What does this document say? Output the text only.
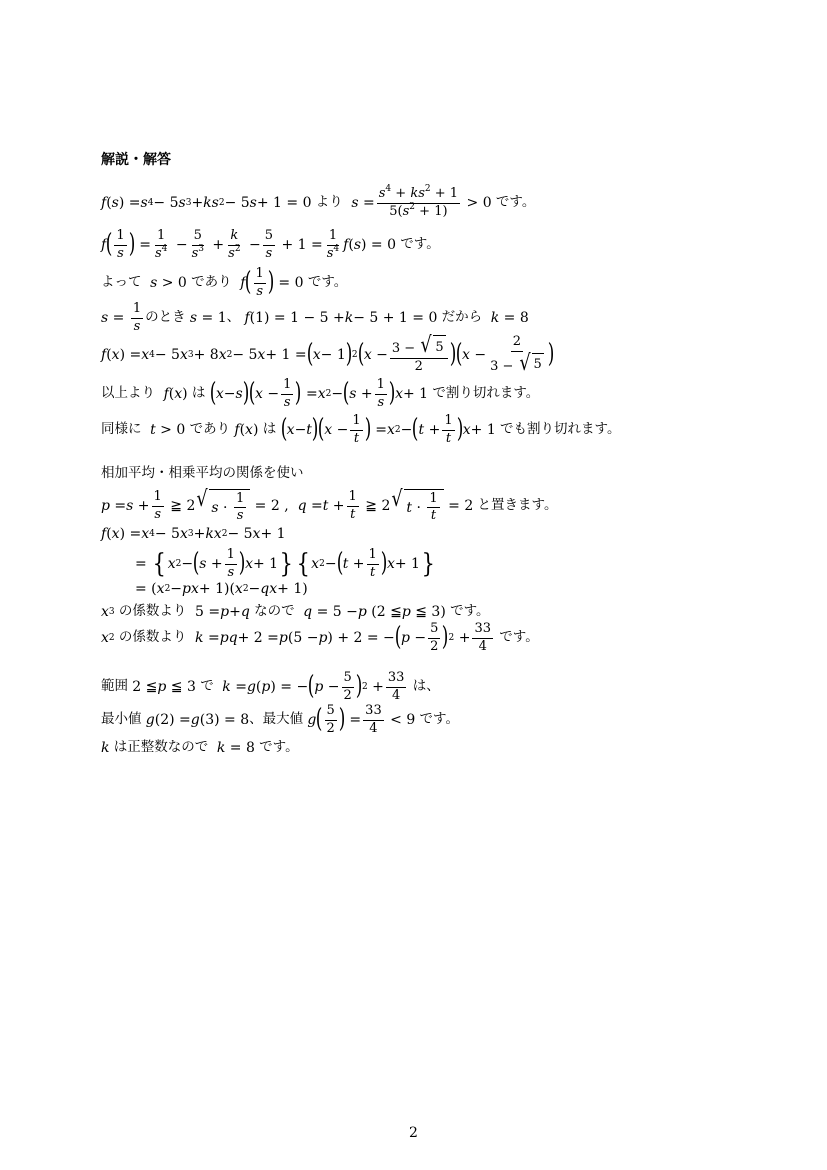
解説・解答
f ( s ) = s 4 − 5 s 3 + ks 2 − 5 s + 1 = 0 より $s = \frac{s^4 + ks^2 + 1}{5(s^2 + 1)} > 0$ です。
f ( $\frac{1}{s}$ ) = $\frac{1}{s^4} - \frac{5}{s^3} + \frac{k}{s^2} - \frac{5}{s} + 1 = \frac{1}{s^4}$ f ( s ) = 0 です。
よって s > 0 であり f ( $\frac{1}{s}$ ) = 0 です。
$s = \frac{1}{s}$ のとき s = 1 、 f (1) = 1 − 5 + k − 5 + 1 = 0 だから k = 8
f ( x ) = x 4 − 5 x 3 + 8 x 2 − 5 x + 1 = ( x − 1 ) 2 ( $x - \frac{3 - √ 5}{2}$ ) ( $x - \frac{2}{3 - √ 5}$ )
以上より f ( x ) は ( x − s ) ( $x - \frac{1}{s}$ ) = x 2 − ( $s + \frac{1}{s}$ ) x + 1 で割り切れます。
同様に t > 0 であり f ( x ) は ( x − t ) ( $x - \frac{1}{t}$ ) = x 2 − ( $t + \frac{1}{t}$ ) x + 1 でも割り切れます。
相加平均・相乗平均の関係を使い
$p = s + \frac{1}{s}$ ≧ 2 √ $s \cdot \frac{1}{s} = 2$ , $q = t + \frac{1}{t}$ ≧ 2 √ $t \cdot \frac{1}{t} = 2$ と置きます。
f ( x ) = x 4 − 5 x 3 + kx 2 − 5 x + 1
= { x 2 − ( $s + \frac{1}{s}$ ) x + 1 } { x 2 − ( $t + \frac{1}{t}$ ) x + 1 }
= ( x 2 − px + 1)( x 2 − qx + 1)
x 3 の係数より 5 = p + q なので q = 5 − p (2 ≦ p ≦ 3) です。
x 2 の係数より k = pq + 2 = p (5 − p ) + 2 = − ( $p - \frac{5}{2}$ ) $2 + \frac{33}{4}$ です。
範囲 2 ≦ p ≦ 3 で k = g ( p ) = − ( $p - \frac{5}{2}$ ) $2 + \frac{33}{4}$ は、
最小値 g (2) = g (3) = 8 、最大値 g ( $\frac{5}{2}$ ) = $\frac{33}{4} < 9$ です。
k は正整数なので k = 8 です。
2
